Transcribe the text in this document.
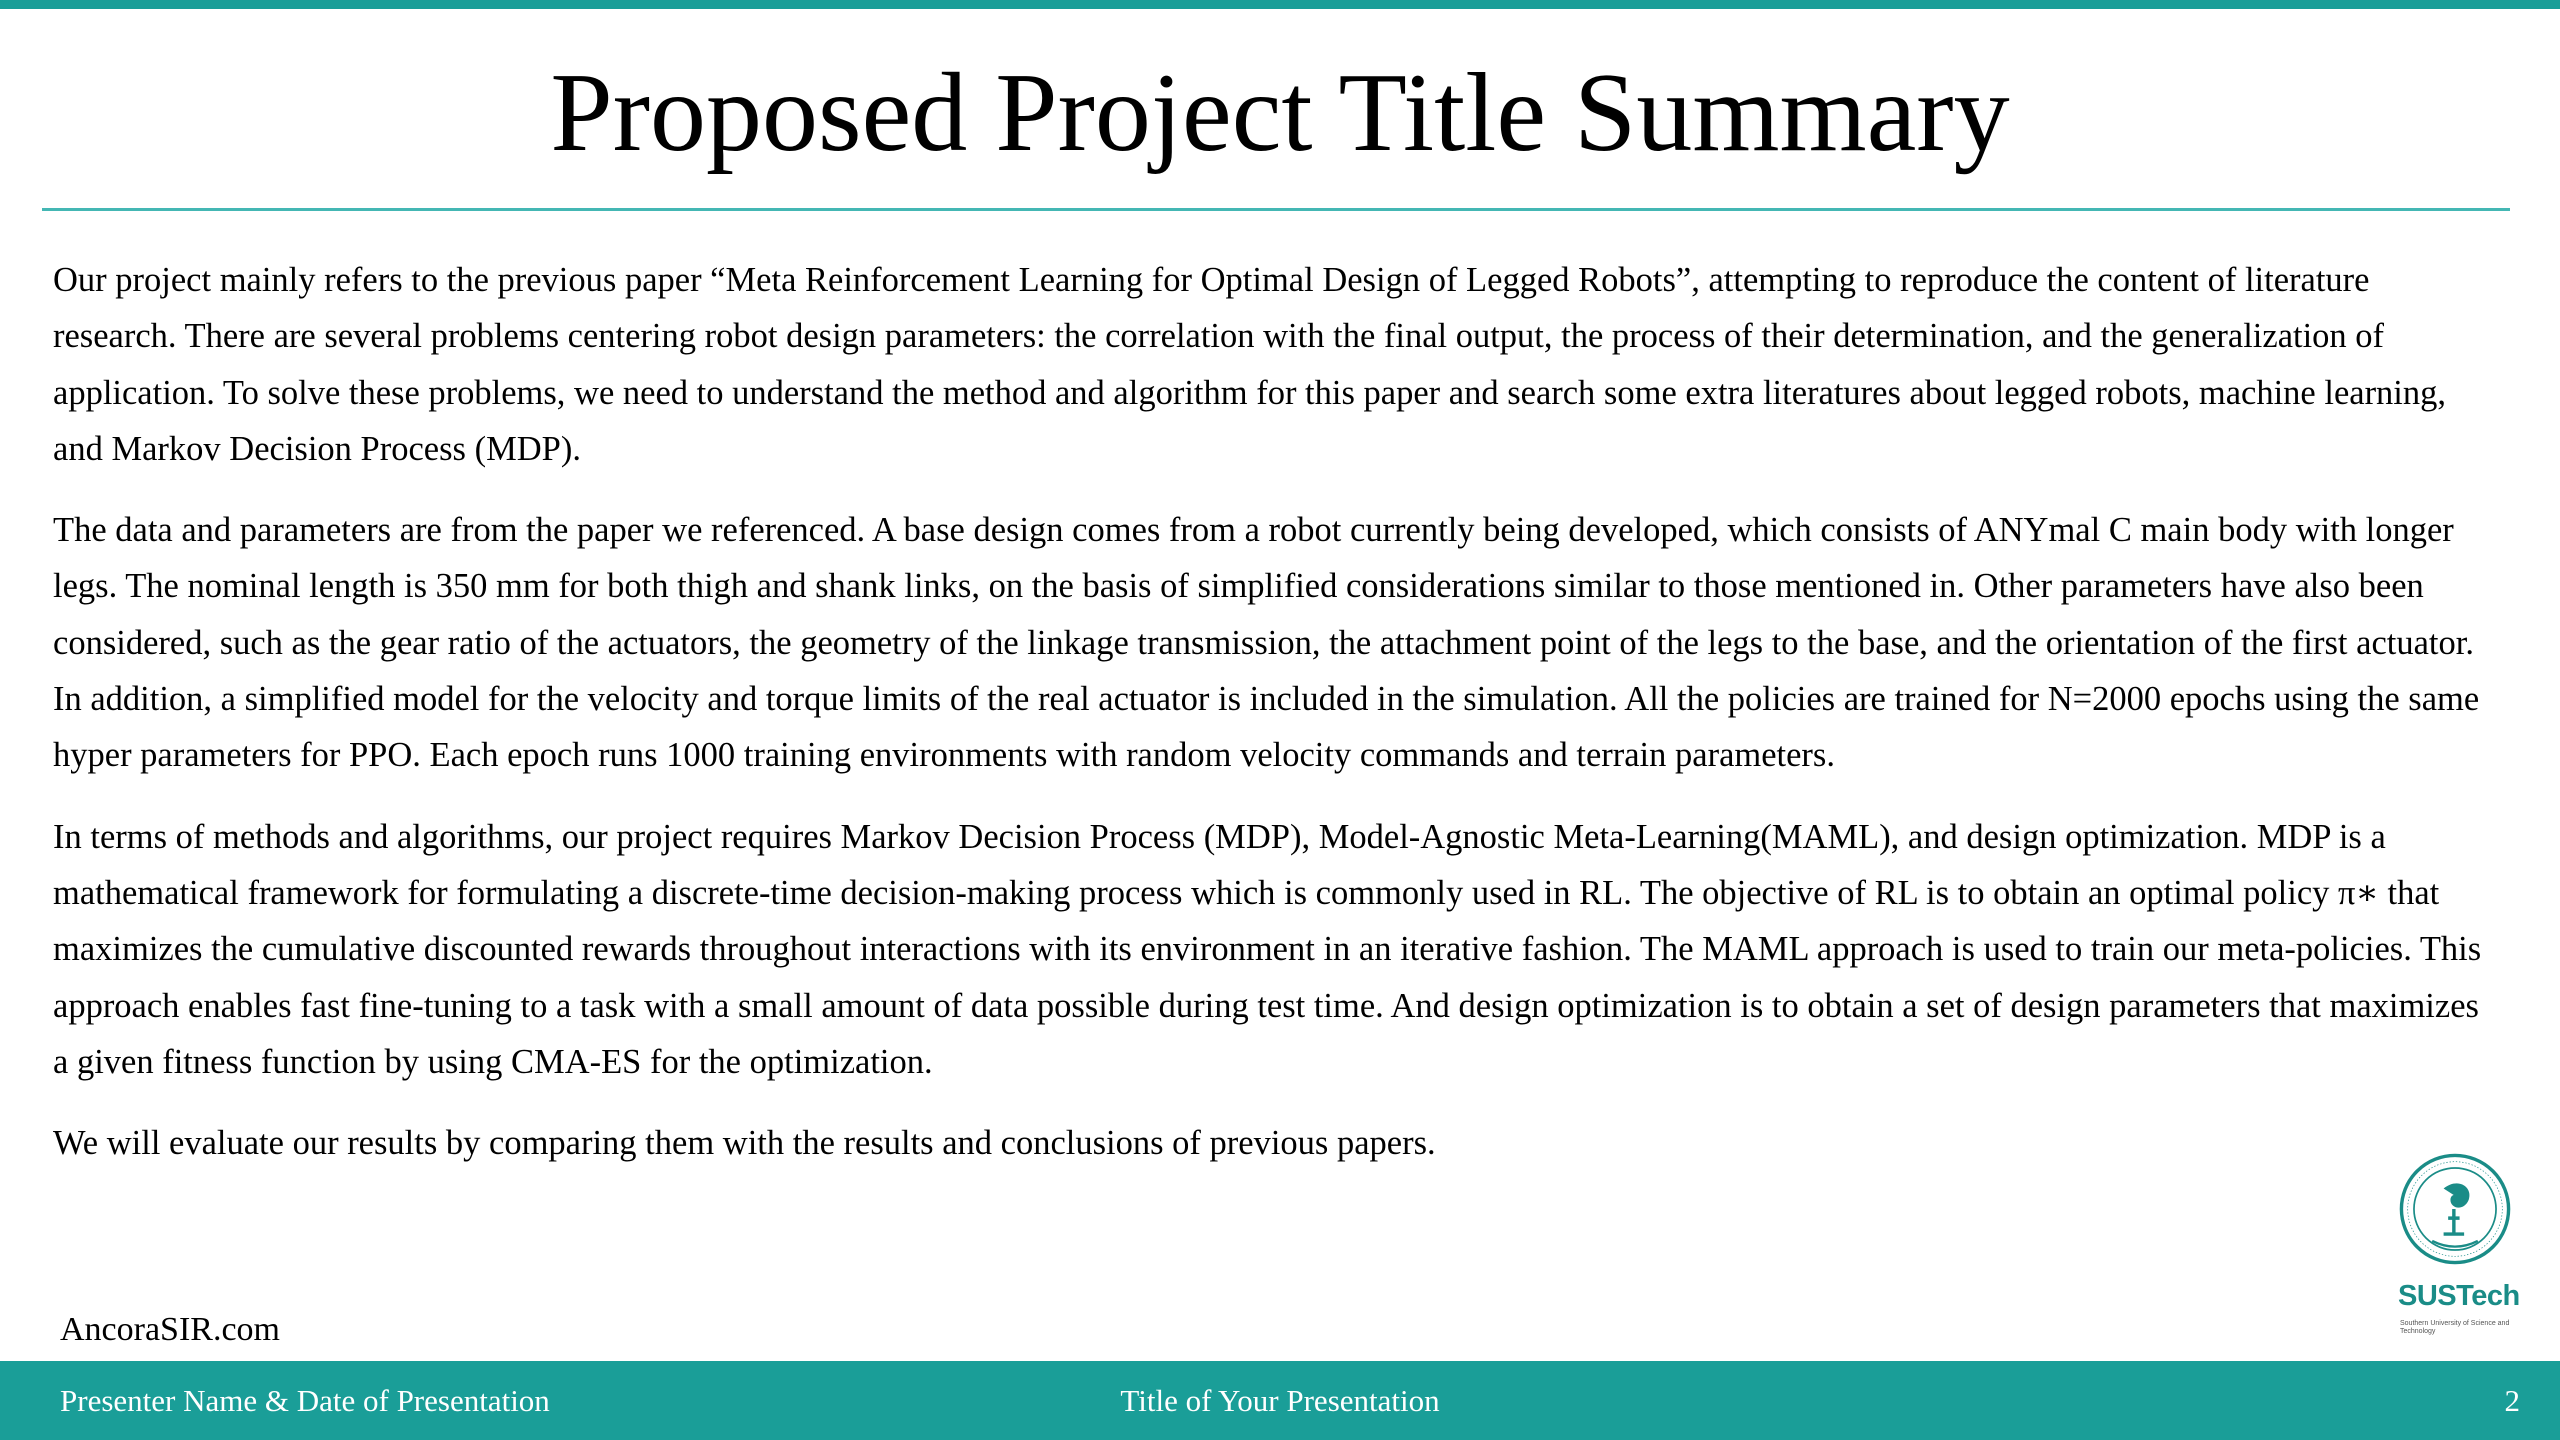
Proposed Project Title Summary

Our project mainly refers to the previous paper “Meta Reinforcement Learning for Optimal Design of Legged Robots”, attempting to reproduce the content of literature research. There are several problems centering robot design parameters: the correlation with the final output, the process of their determination, and the generalization of application. To solve these problems, we need to understand the method and algorithm for this paper and search some extra literatures about legged robots, machine learning, and Markov Decision Process (MDP).

The data and parameters are from the paper we referenced. A base design comes from a robot currently being developed, which consists of ANYmal C main body with longer legs. The nominal length is 350 mm for both thigh and shank links, on the basis of simplified considerations similar to those mentioned in. Other parameters have also been considered, such as the gear ratio of the actuators, the geometry of the linkage transmission, the attachment point of the legs to the base, and the orientation of the first actuator. In addition, a simplified model for the velocity and torque limits of the real actuator is included in the simulation. All the policies are trained for N=2000 epochs using the same hyper parameters for PPO. Each epoch runs 1000 training environments with random velocity commands and terrain parameters.

In terms of methods and algorithms, our project requires Markov Decision Process (MDP), Model-Agnostic Meta-Learning(MAML), and design optimization. MDP is a mathematical framework for formulating a discrete-time decision-making process which is commonly used in RL. The objective of RL is to obtain an optimal policy π∗ that maximizes the cumulative discounted rewards throughout interactions with its environment in an iterative fashion. The MAML approach is used to train our meta-policies. This approach enables fast fine-tuning to a task with a small amount of data possible during test time. And design optimization is to obtain a set of design parameters that maximizes a given fitness function by using CMA-ES for the optimization.

We will evaluate our results by comparing them with the results and conclusions of previous papers.

SUSTech
Southern University of Science and Technology
AncoraSIR.com
Presenter Name & Date of Presentation	Title of Your Presentation	2
